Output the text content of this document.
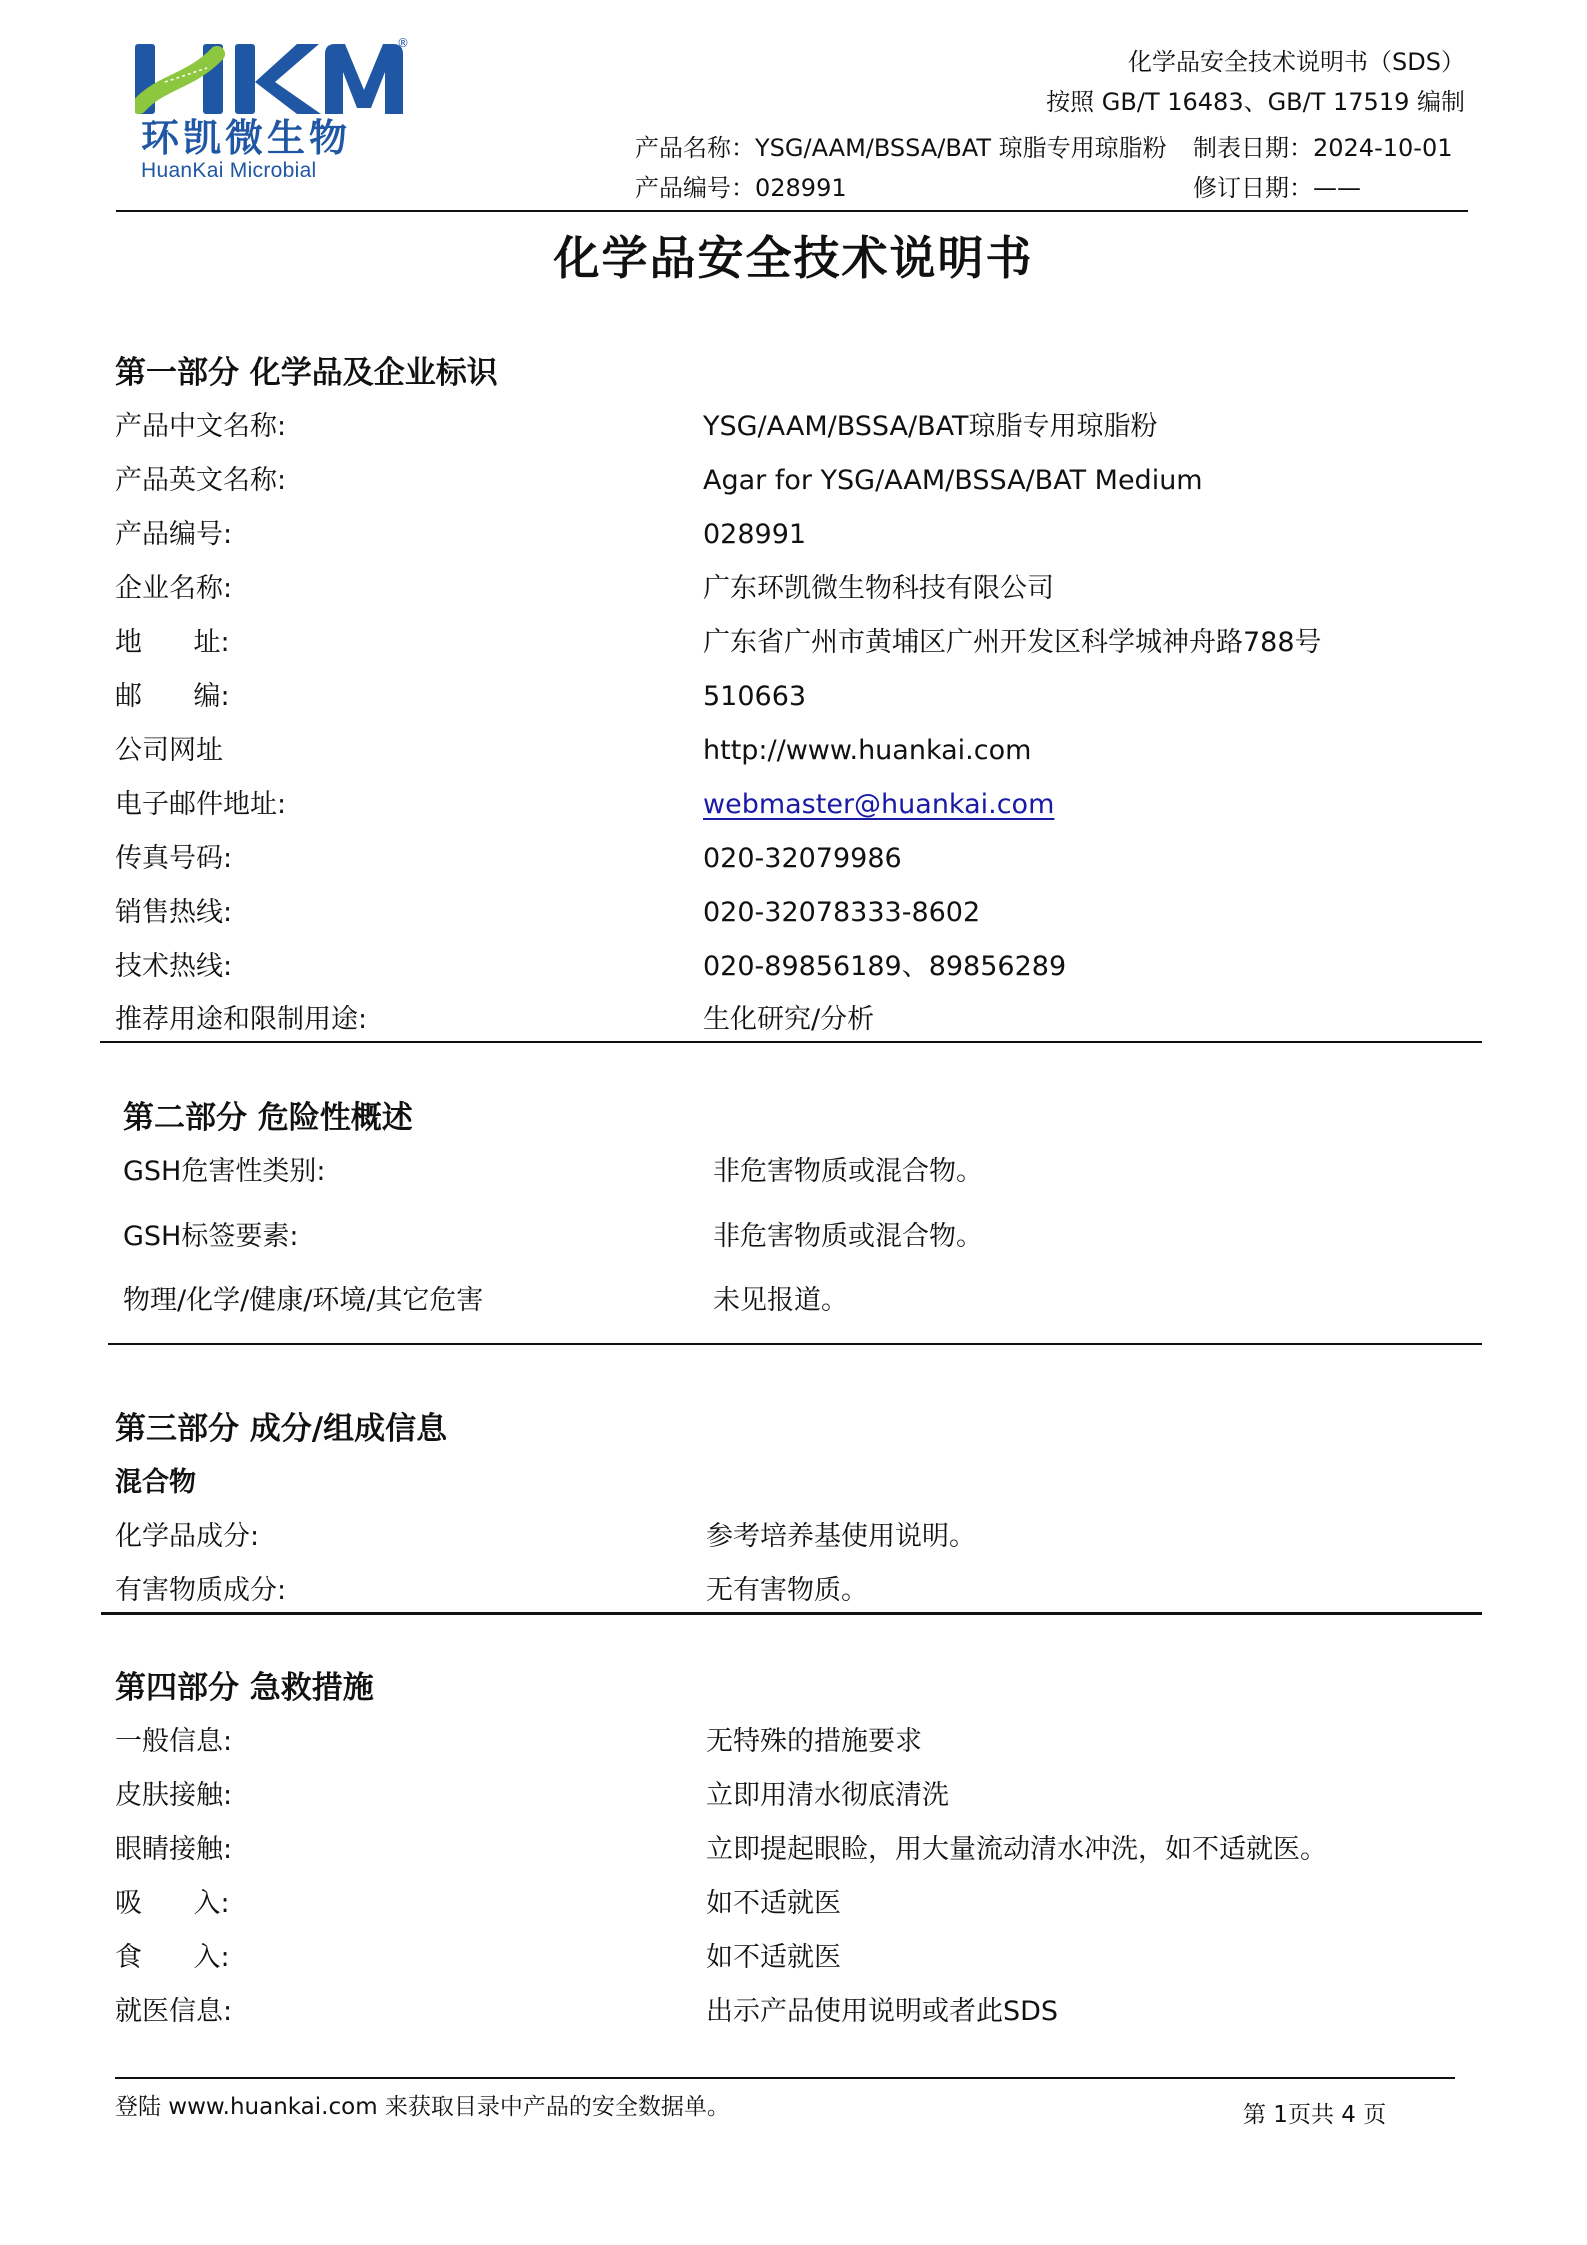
®
环凯微生物
HuanKai Microbial
化学品安全技术说明书（SDS）
按照 GB/T 16483、GB/T 17519 编制
产品名称：YSG/AAM/BSSA/BAT 琼脂专用琼脂粉 制表日期：2024-10-01
产品编号：028991	修订日期：——
化学品安全技术说明书
第一部分 化学品及企业标识
产品中文名称:	YSG/AAM/BSSA/BAT琼脂专用琼脂粉
产品英文名称:	Agar for YSG/AAM/BSSA/BAT Medium
产品编号:	028991
企业名称:	广东环凯微生物科技有限公司
地      址:	广东省广州市黄埔区广州开发区科学城神舟路788号
邮      编:	510663
公司网址	http://www.huankai.com
电子邮件地址:	webmaster@huankai.com
传真号码:	020-32079986
销售热线:	020-32078333-8602
技术热线:	020-89856189、89856289
推荐用途和限制用途:	生化研究/分析
第二部分 危险性概述
GSH危害性类别:	非危害物质或混合物。
GSH标签要素:	非危害物质或混合物。
物理/化学/健康/环境/其它危害	未见报道。
第三部分 成分/组成信息
混合物
化学品成分:	参考培养基使用说明。
有害物质成分:	无有害物质。
第四部分 急救措施
一般信息:	无特殊的措施要求
皮肤接触:	立即用清水彻底清洗
眼睛接触:	立即提起眼睑，用大量流动清水冲洗，如不适就医。
吸      入:	如不适就医
食      入:	如不适就医
就医信息:	出示产品使用说明或者此SDS
登陆 www.huankai.com 来获取目录中产品的安全数据单。	第 1页共 4 页
